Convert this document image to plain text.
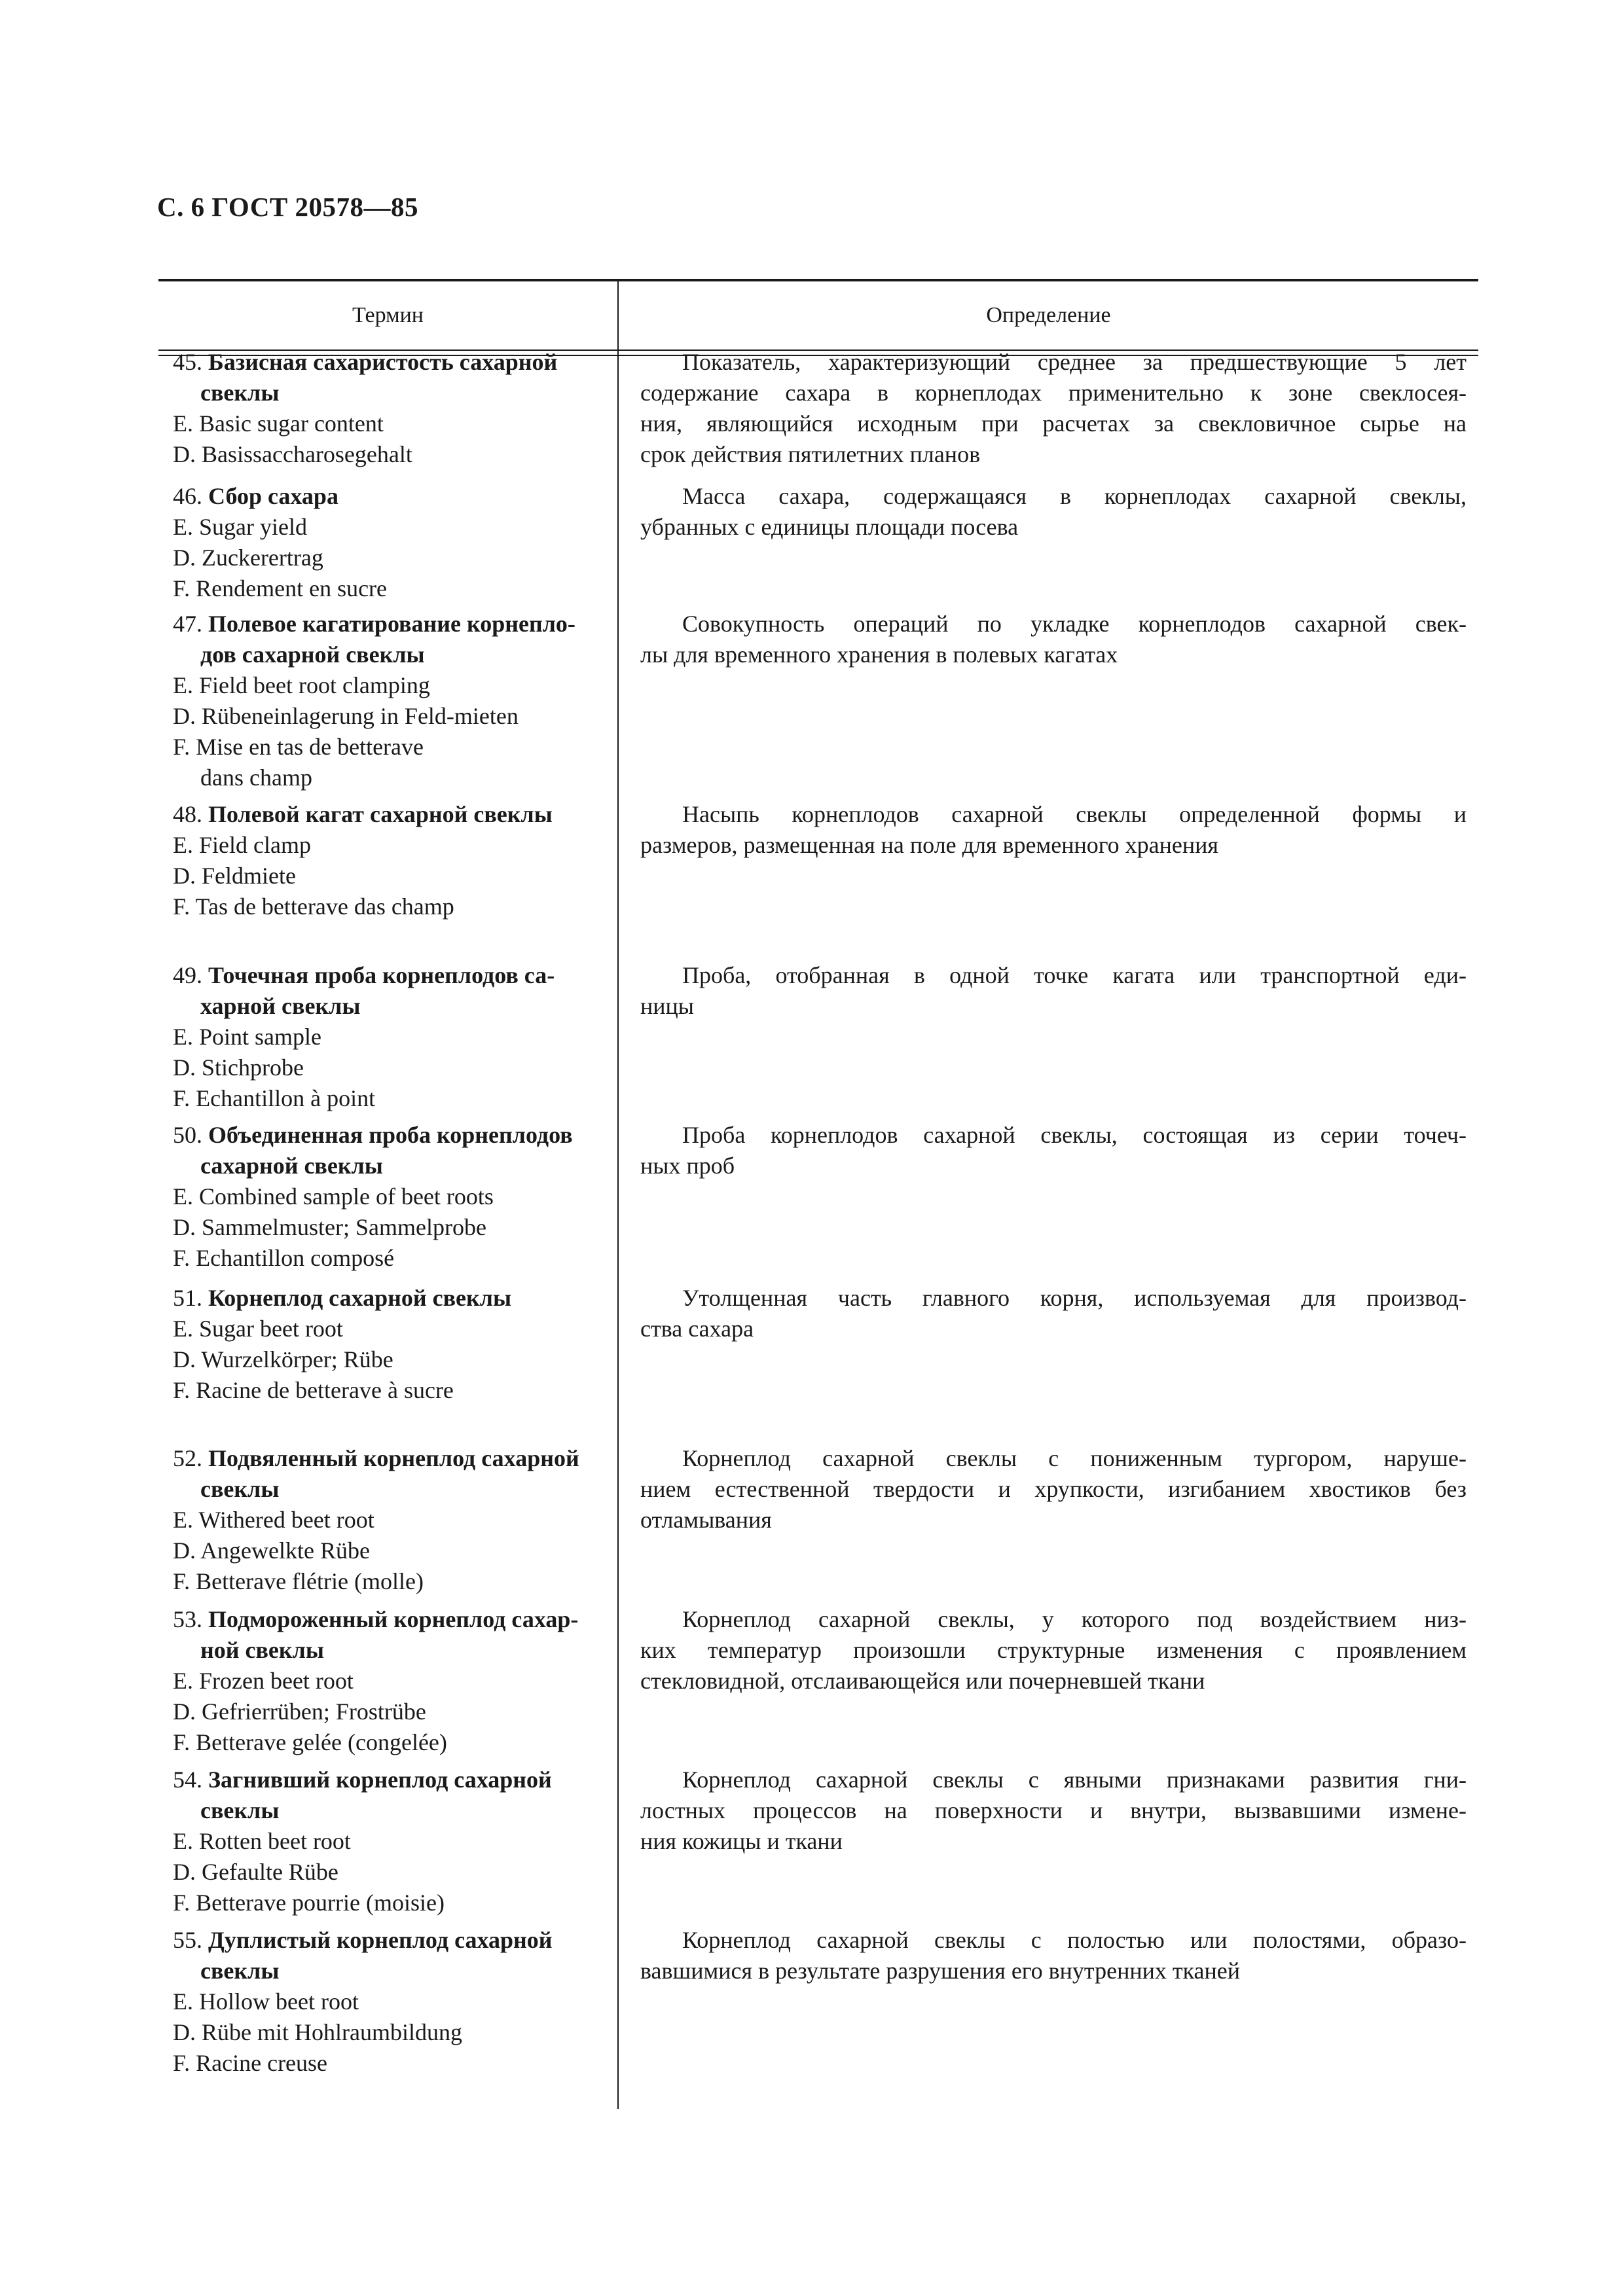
С. 6 ГОСТ 20578—85
Термин	Определение
45. Базисная сахаристость сахарной
свеклы
E. Basic sugar content
D. Basissaccharosegehalt
Показатель, характеризующий среднее за предшествующие 5 лет
содержание сахара в корнеплодах применительно к зоне свеклосея-
ния, являющийся исходным при расчетах за свекловичное сырье на
срок действия пятилетних планов
46. Сбор сахара
E. Sugar yield
D. Zuckerertrag
F. Rendement en sucre
Масса сахара, содержащаяся в корнеплодах сахарной свеклы,
убранных с единицы площади посева
47. Полевое кагатирование корнепло-
дов сахарной свеклы
E. Field beet root clamping
D. Rübeneinlagerung in Feld-mieten
F. Mise en tas de betterave
dans champ
Совокупность операций по укладке корнеплодов сахарной свек-
лы для временного хранения в полевых кагатах
48. Полевой кагат сахарной свеклы
E. Field clamp
D. Feldmiete
F. Tas de betterave das champ
Насыпь корнеплодов сахарной свеклы определенной формы и
размеров, размещенная на поле для временного хранения
49. Точечная проба корнеплодов са-
харной свеклы
E. Point sample
D. Stichprobe
F. Echantillon à point
Проба, отобранная в одной точке кагата или транспортной еди-
ницы
50. Объединенная проба корнеплодов
сахарной свеклы
E. Combined sample of beet roots
D. Sammelmuster; Sammelprobe
F. Echantillon composé
Проба корнеплодов сахарной свеклы, состоящая из серии точеч-
ных проб
51. Корнеплод сахарной свеклы
E. Sugar beet root
D. Wurzelkörper; Rübe
F. Racine de betterave à sucre
Утолщенная часть главного корня, используемая для производ-
ства сахара
52. Подвяленный корнеплод сахарной
свеклы
E. Withered beet root
D. Angewelkte Rübe
F. Betterave flétrie (molle)
Корнеплод сахарной свеклы с пониженным тургором, наруше-
нием естественной твердости и хрупкости, изгибанием хвостиков без
отламывания
53. Подмороженный корнеплод сахар-
ной свеклы
E. Frozen beet root
D. Gefrierrüben; Frostrübe
F. Betterave gelée (congelée)
Корнеплод сахарной свеклы, у которого под воздействием низ-
ких температур произошли структурные изменения с проявлением
стекловидной, отслаивающейся или почерневшей ткани
54. Загнивший корнеплод сахарной
свеклы
E. Rotten beet root
D. Gefaulte Rübe
F. Betterave pourrie (moisie)
Корнеплод сахарной свеклы с явными признаками развития гни-
лостных процессов на поверхности и внутри, вызвавшими измене-
ния кожицы и ткани
55. Дуплистый корнеплод сахарной
свеклы
E. Hollow beet root
D. Rübe mit Hohlraumbildung
F. Racine creuse
Корнеплод сахарной свеклы с полостью или полостями, образо-
вавшимися в результате разрушения его внутренних тканей
